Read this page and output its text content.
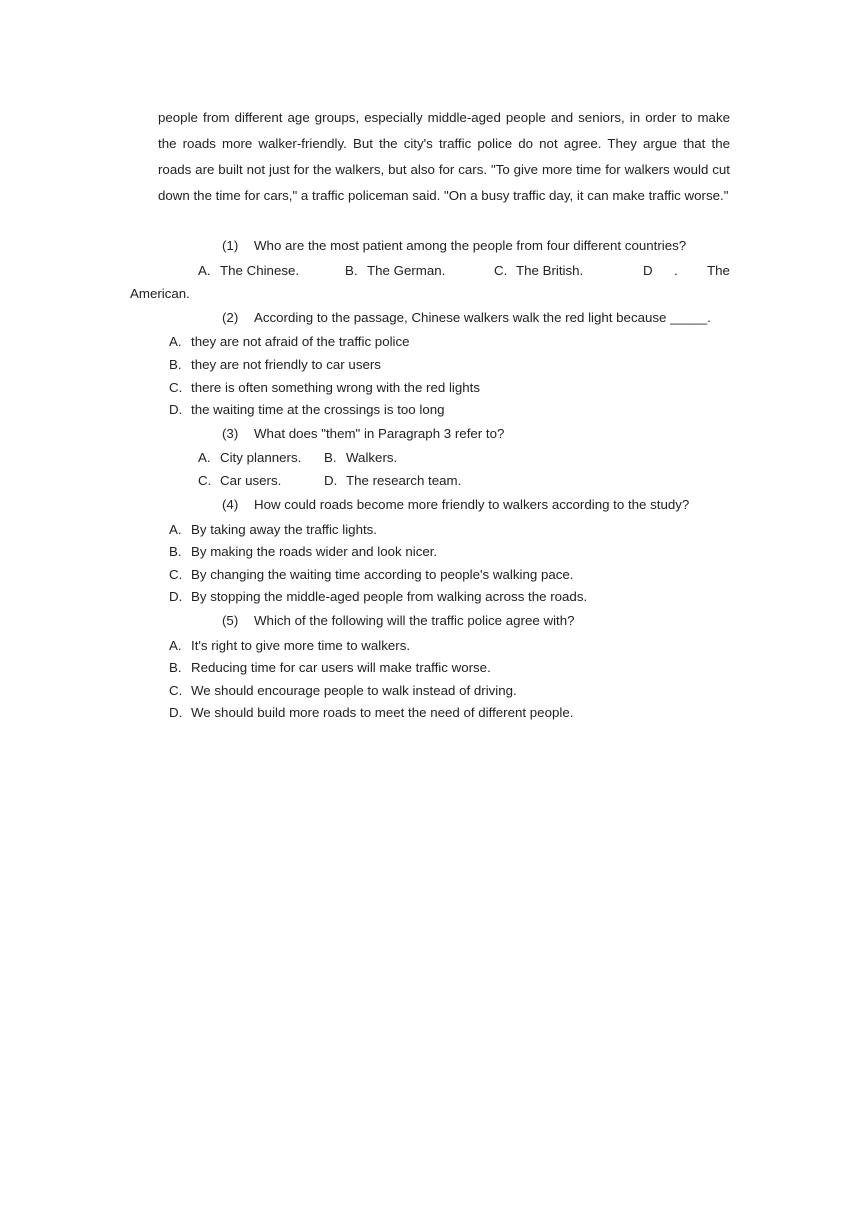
people from different age groups, especially middle-aged people and seniors, in order to make the roads more walker-friendly. But the city's traffic police do not agree. They argue that the roads are built not just for the walkers, but also for cars. "To give more time for walkers would cut down the time for cars," a traffic policeman said. "On a busy traffic day, it can make traffic worse."

(1) Who are the most patient among the people from four different countries?
A. The Chinese.	B. The German.	C. The British.	D . The
American.
(2) According to the passage, Chinese walkers walk the red light because _____.
A. they are not afraid of the traffic police
B. they are not friendly to car users
C. there is often something wrong with the red lights
D. the waiting time at the crossings is too long
(3) What does "them" in Paragraph 3 refer to?
A. City planners. B. Walkers.
C. Car users.	D. The research team.
(4) How could roads become more friendly to walkers according to the study?
A. By taking away the traffic lights.
B. By making the roads wider and look nicer.
C. By changing the waiting time according to people's walking pace.
D. By stopping the middle-aged people from walking across the roads.
(5) Which of the following will the traffic police agree with?
A. It's right to give more time to walkers.
B. Reducing time for car users will make traffic worse.
C. We should encourage people to walk instead of driving.
D. We should build more roads to meet the need of different people.
